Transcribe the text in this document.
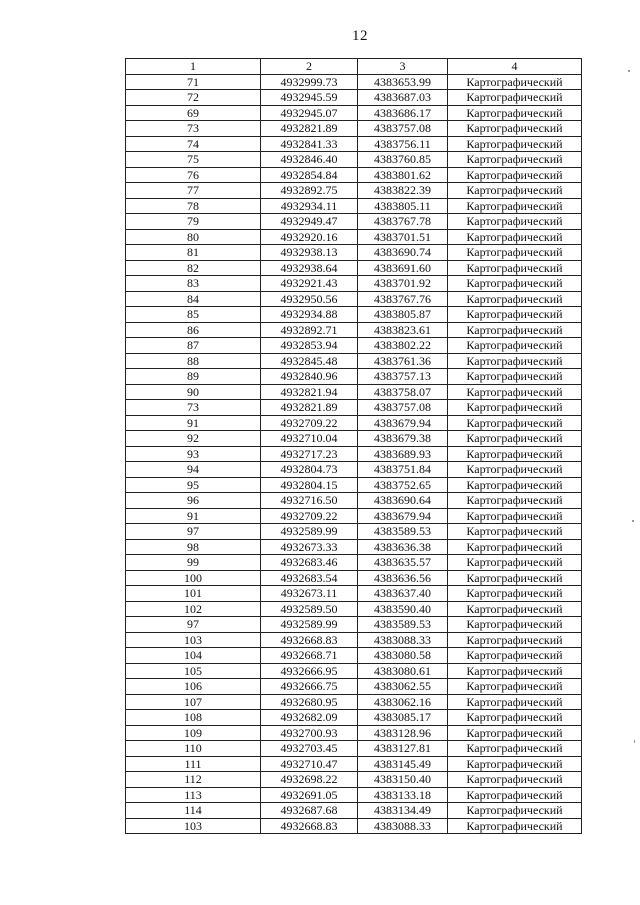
12
1	2	3	4
71	4932999.73	4383653.99	Картографический
72	4932945.59	4383687.03	Картографический
69	4932945.07	4383686.17	Картографический
73	4932821.89	4383757.08	Картографический
74	4932841.33	4383756.11	Картографический
75	4932846.40	4383760.85	Картографический
76	4932854.84	4383801.62	Картографический
77	4932892.75	4383822.39	Картографический
78	4932934.11	4383805.11	Картографический
79	4932949.47	4383767.78	Картографический
80	4932920.16	4383701.51	Картографический
81	4932938.13	4383690.74	Картографический
82	4932938.64	4383691.60	Картографический
83	4932921.43	4383701.92	Картографический
84	4932950.56	4383767.76	Картографический
85	4932934.88	4383805.87	Картографический
86	4932892.71	4383823.61	Картографический
87	4932853.94	4383802.22	Картографический
88	4932845.48	4383761.36	Картографический
89	4932840.96	4383757.13	Картографический
90	4932821.94	4383758.07	Картографический
73	4932821.89	4383757.08	Картографический
91	4932709.22	4383679.94	Картографический
92	4932710.04	4383679.38	Картографический
93	4932717.23	4383689.93	Картографический
94	4932804.73	4383751.84	Картографический
95	4932804.15	4383752.65	Картографический
96	4932716.50	4383690.64	Картографический
91	4932709.22	4383679.94	Картографический
97	4932589.99	4383589.53	Картографический
98	4932673.33	4383636.38	Картографический
99	4932683.46	4383635.57	Картографический
100	4932683.54	4383636.56	Картографический
101	4932673.11	4383637.40	Картографический
102	4932589.50	4383590.40	Картографический
97	4932589.99	4383589.53	Картографический
103	4932668.83	4383088.33	Картографический
104	4932668.71	4383080.58	Картографический
105	4932666.95	4383080.61	Картографический
106	4932666.75	4383062.55	Картографический
107	4932680.95	4383062.16	Картографический
108	4932682.09	4383085.17	Картографический
109	4932700.93	4383128.96	Картографический
110	4932703.45	4383127.81	Картографический
111	4932710.47	4383145.49	Картографический
112	4932698.22	4383150.40	Картографический
113	4932691.05	4383133.18	Картографический
114	4932687.68	4383134.49	Картографический
103	4932668.83	4383088.33	Картографический
